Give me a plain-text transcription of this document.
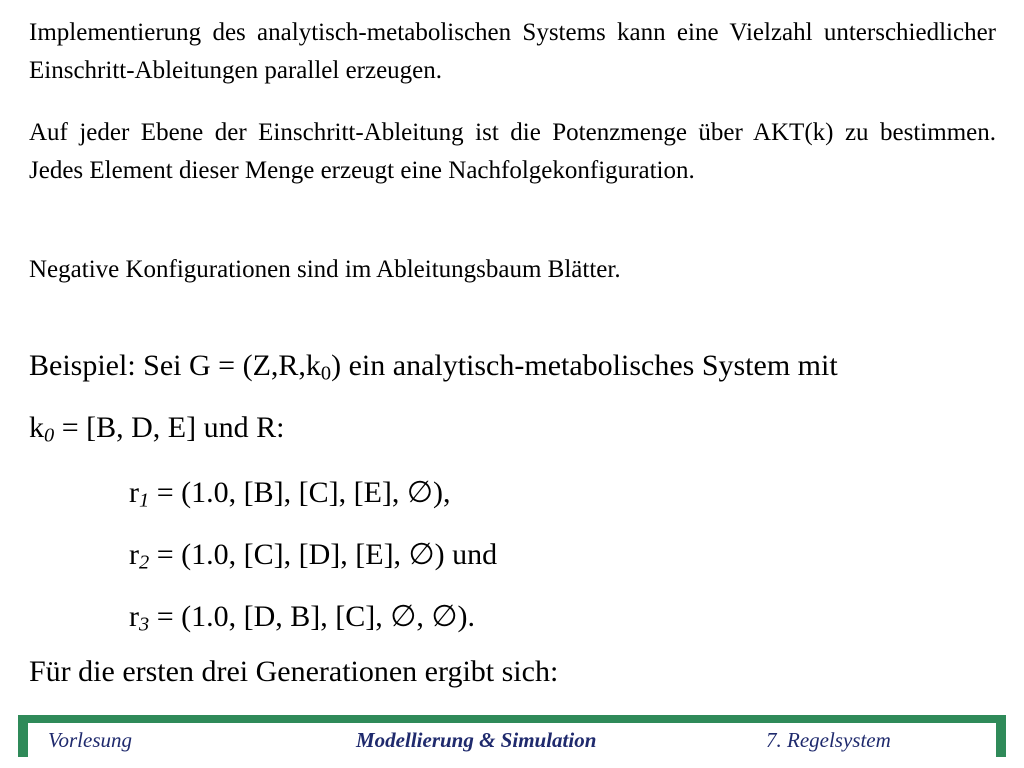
Implementierung des analytisch-metabolischen Systems kann eine Vielzahl unterschiedlicher Einschritt-Ableitungen parallel erzeugen.

Auf jeder Ebene der Einschritt-Ableitung ist die Potenzmenge über AKT(k) zu bestimmen. Jedes Element dieser Menge erzeugt eine Nachfolgekonfiguration.

Negative Konfigurationen sind im Ableitungsbaum Blätter.

Beispiel: Sei $G = (Z,R,k_0)$ ein analytisch-metabolisches System mit

$k_0 = [B$, D, E] und R:

$r_1 = (1.0$, [B], [C], [E], ∅),

$r_2 = (1.0$, [C], [D], [E], ∅) und

$r_3 = (1.0$, [D, B], [C], ∅, ∅).

Für die ersten drei Generationen ergibt sich:

Vorlesung	Modellierung & Simulation	7. Regelsystem
